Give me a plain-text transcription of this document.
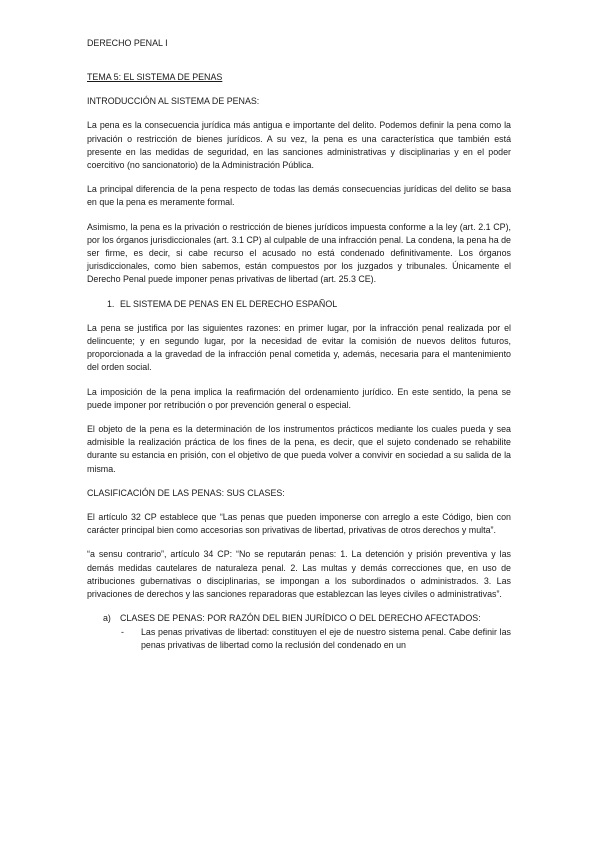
DERECHO PENAL I
TEMA 5: EL SISTEMA DE PENAS
INTRODUCCIÓN AL SISTEMA DE PENAS:

La pena es la consecuencia jurídica más antigua e importante del delito. Podemos definir la pena como la privación o restricción de bienes jurídicos. A su vez, la pena es una característica que también está presente en las medidas de seguridad, en las sanciones administrativas y disciplinarias y en el poder coercitivo (no sancionatorio) de la Administración Pública.

La principal diferencia de la pena respecto de todas las demás consecuencias jurídicas del delito se basa en que la pena es meramente formal.

Asimismo, la pena es la privación o restricción de bienes jurídicos impuesta conforme a la ley (art. 2.1 CP), por los órganos jurisdiccionales (art. 3.1 CP) al culpable de una infracción penal. La condena, la pena ha de ser firme, es decir, si cabe recurso el acusado no está condenado definitivamente. Los órganos jurisdiccionales, como bien sabemos, están compuestos por los juzgados y tribunales. Únicamente el Derecho Penal puede imponer penas privativas de libertad (art. 25.3 CE).

1. EL SISTEMA DE PENAS EN EL DERECHO ESPAÑOL

La pena se justifica por las siguientes razones: en primer lugar, por la infracción penal realizada por el delincuente; y en segundo lugar, por la necesidad de evitar la comisión de nuevos delitos futuros, proporcionada a la gravedad de la infracción penal cometida y, además, necesaria para el mantenimiento del orden social.

La imposición de la pena implica la reafirmación del ordenamiento jurídico. En este sentido, la pena se puede imponer por retribución o por prevención general o especial.

El objeto de la pena es la determinación de los instrumentos prácticos mediante los cuales pueda y sea admisible la realización práctica de los fines de la pena, es decir, que el sujeto condenado se rehabilite durante su estancia en prisión, con el objetivo de que pueda volver a convivir en sociedad a su salida de la misma.

CLASIFICACIÓN DE LAS PENAS: SUS CLASES:

El artículo 32 CP establece que “Las penas que pueden imponerse con arreglo a este Código, bien con carácter principal bien como accesorias son privativas de libertad, privativas de otros derechos y multa”.

“a sensu contrario”, artículo 34 CP: “No se reputarán penas: 1. La detención y prisión preventiva y las demás medidas cautelares de naturaleza penal. 2. Las multas y demás correcciones que, en uso de atribuciones gubernativas o disciplinarias, se impongan a los subordinados o administrados. 3. Las privaciones de derechos y las sanciones reparadoras que establezcan las leyes civiles o administrativas”.

a)	CLASES DE PENAS: POR RAZÓN DEL BIEN JURÍDICO O DEL DERECHO AFECTADOS:
-	Las penas privativas de libertad: constituyen el eje de nuestro sistema penal. Cabe definir las penas privativas de libertad como la reclusión del condenado en un
